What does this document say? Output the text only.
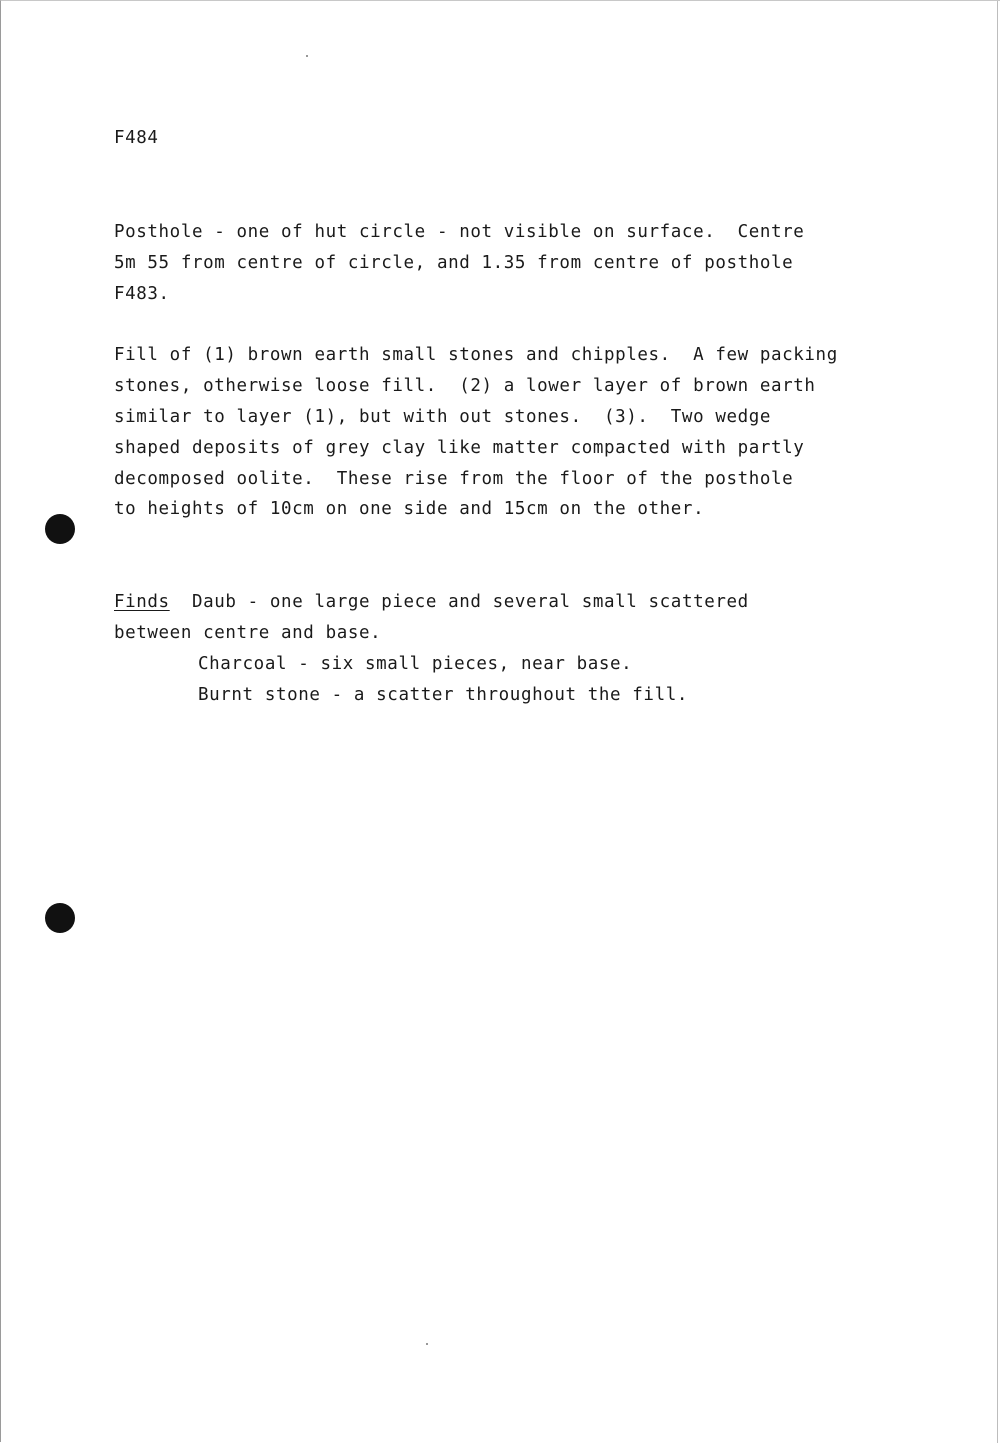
F484

Posthole - one of hut circle - not visible on surface.  Centre

5m 55 from centre of circle, and 1.35 from centre of posthole

F483.

Fill of (1) brown earth small stones and chipples.  A few packing

stones, otherwise loose fill.  (2) a lower layer of brown earth

similar to layer (1), but with out stones.  (3).  Two wedge

shaped deposits of grey clay like matter compacted with partly

decomposed oolite.  These rise from the floor of the posthole

to heights of 10cm on one side and 15cm on the other.

Finds Daub - one large piece and several small scattered

between centre and base.

Charcoal - six small pieces, near base.

Burnt stone - a scatter throughout the fill.
